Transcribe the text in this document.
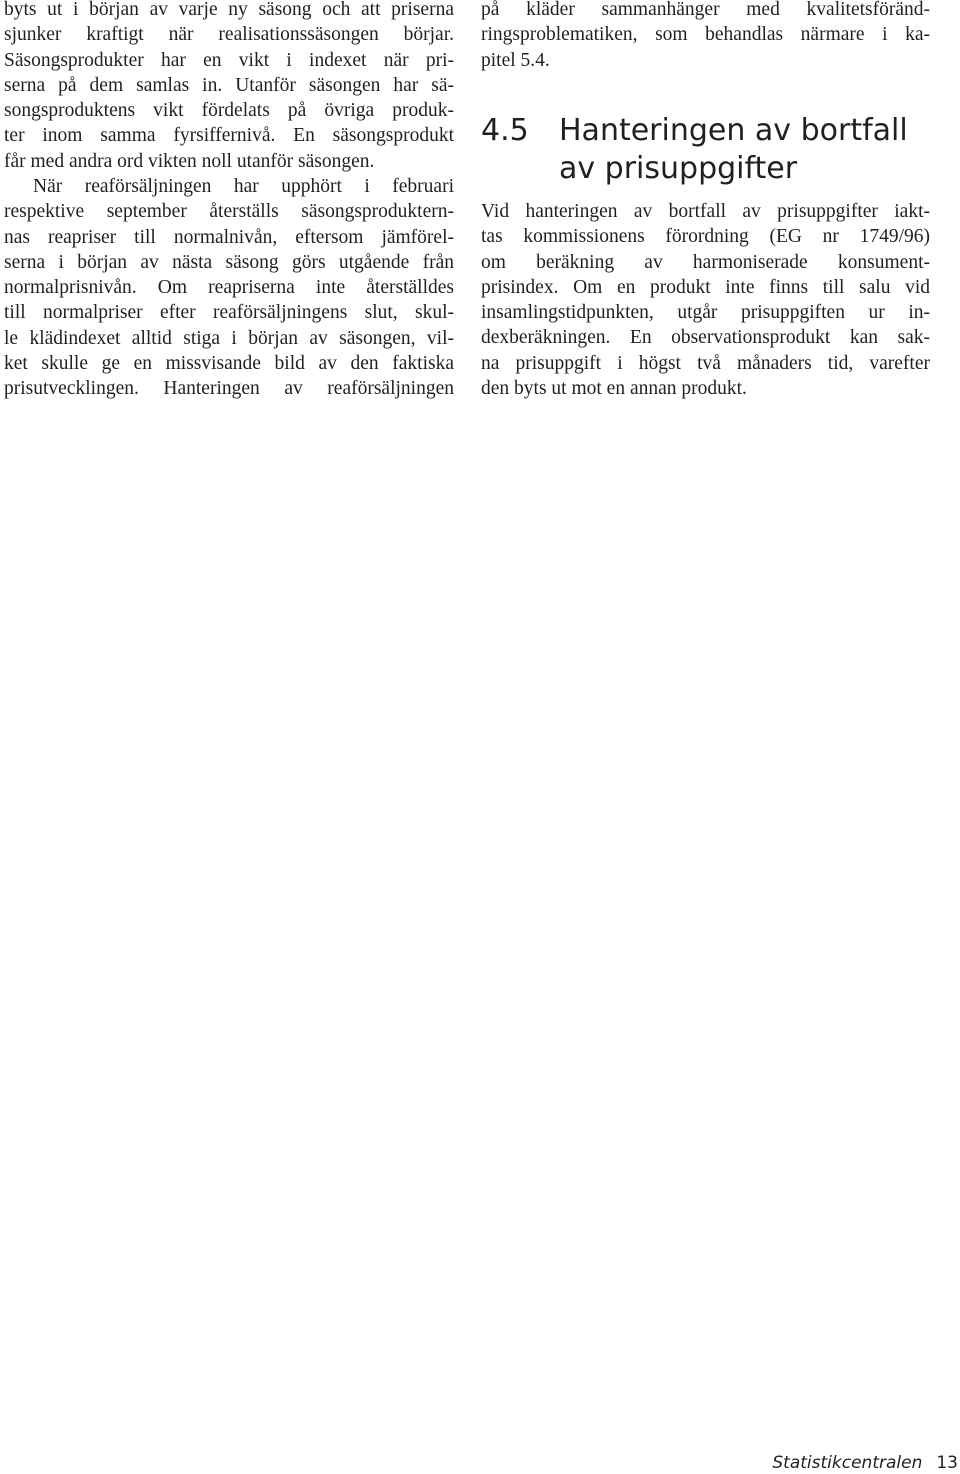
byts ut i början av varje ny säsong och att priserna
sjunker kraftigt när realisationssäsongen börjar.
Säsongsprodukter har en vikt i indexet när pri-
serna på dem samlas in. Utanför säsongen har sä-
songsproduktens vikt fördelats på övriga produk-
ter inom samma fyrsiffernivå. En säsongsprodukt
får med andra ord vikten noll utanför säsongen.
När reaförsäljningen har upphört i februari
respektive september återställs säsongsproduktern-
nas reapriser till normalnivån, eftersom jämförel-
serna i början av nästa säsong görs utgående från
normalprisnivån. Om reapriserna inte återställdes
till normalpriser efter reaförsäljningens slut, skul-
le klädindexet alltid stiga i början av säsongen, vil-
ket skulle ge en missvisande bild av den faktiska
prisutvecklingen. Hanteringen av reaförsäljningen
på kläder sammanhänger med kvalitetsföränd-
ringsproblematiken, som behandlas närmare i ka-
pitel 5.4.
4.5 Hanteringen av bortfall
av prisuppgifter
Vid hanteringen av bortfall av prisuppgifter iakt-
tas kommissionens förordning (EG nr 1749/96)
om beräkning av harmoniserade konsument-
prisindex. Om en produkt inte finns till salu vid
insamlingstidpunkten, utgår prisuppgiften ur in-
dexberäkningen. En observationsprodukt kan sak-
na prisuppgift i högst två månaders tid, varefter
den byts ut mot en annan produkt.
Statistikcentralen 13
